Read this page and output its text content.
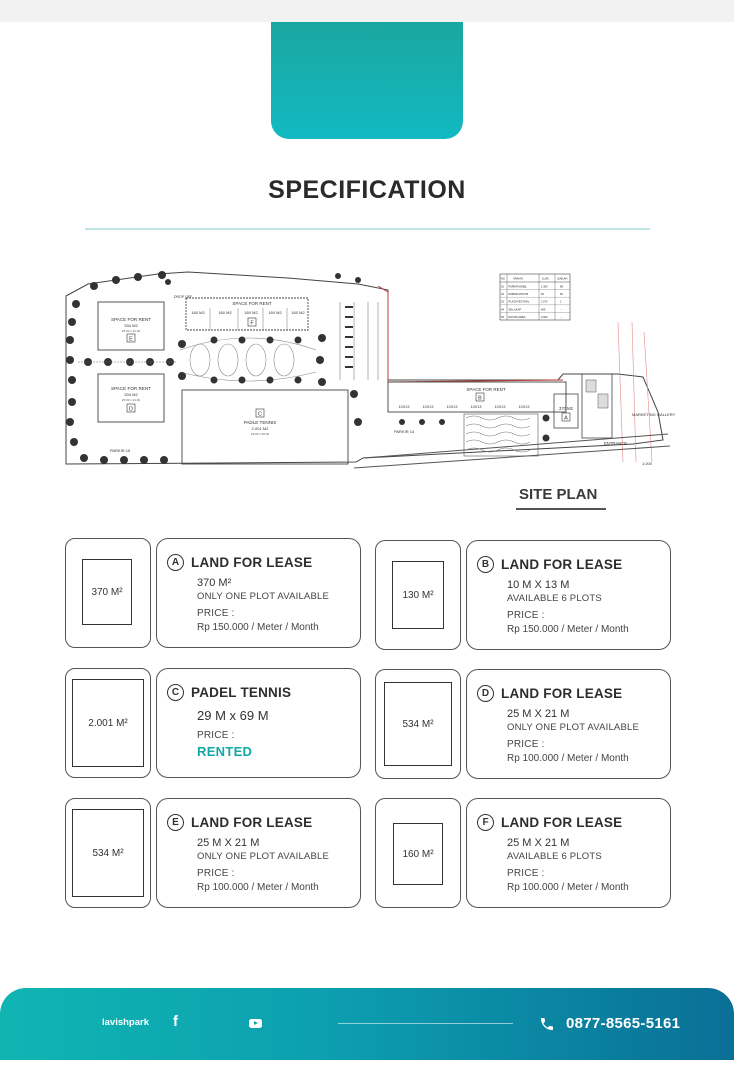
SPECIFICATION
SPACE FOR RENT
534 M2
25.00 x 21.00
E
SPACE FOR RENT
534 M2
25.00 x 21.00
D
SPACE FOR RENT
160 M2	160 M2	160 M2	160 M2 160 M2
F
C
PADLE TENNIS
2.001 M2
29.00 x 69.00
SPACE FOR RENT
B
10X13	10X13	10X13	10X13	10X13	10X13	370 M2
A
MARKETING GALLERY
ENTRANCE
1:200
PARKIR 15
PARKIR 14
DROP OFF
NO	URAIAN	LUAS	JUMLAH
01 PARKIR MOBIL	1.360	88
02 PARKIR MOTOR	60	50
03 PLAZA FESTIVAL	1.070	1
04 SEL.AKAP	660	-
05 RAYANI AREA	2.000	-
SITE PLAN
370 M²
A LAND FOR LEASE
370 M²
ONLY ONE PLOT AVAILABLE
PRICE :
Rp 150.000 / Meter / Month
130 M²
B LAND FOR LEASE
10 M X 13 M
AVAILABLE 6 PLOTS
PRICE :
Rp 150.000 / Meter / Month
2.001 M²
C PADEL TENNIS
29 M x 69 M
PRICE :
RENTED
534 M²
D LAND FOR LEASE
25 M X 21 M
ONLY ONE PLOT AVAILABLE
PRICE :
Rp 100.000 / Meter / Month
534 M²
E LAND FOR LEASE
25 M X 21 M
ONLY ONE PLOT AVAILABLE
PRICE :
Rp 100.000 / Meter / Month
160 M²
F LAND FOR LEASE
25 M X 21 M
AVAILABLE 6 PLOTS
PRICE :
Rp 100.000 / Meter / Month
lavishpark f	0877-8565-5161
